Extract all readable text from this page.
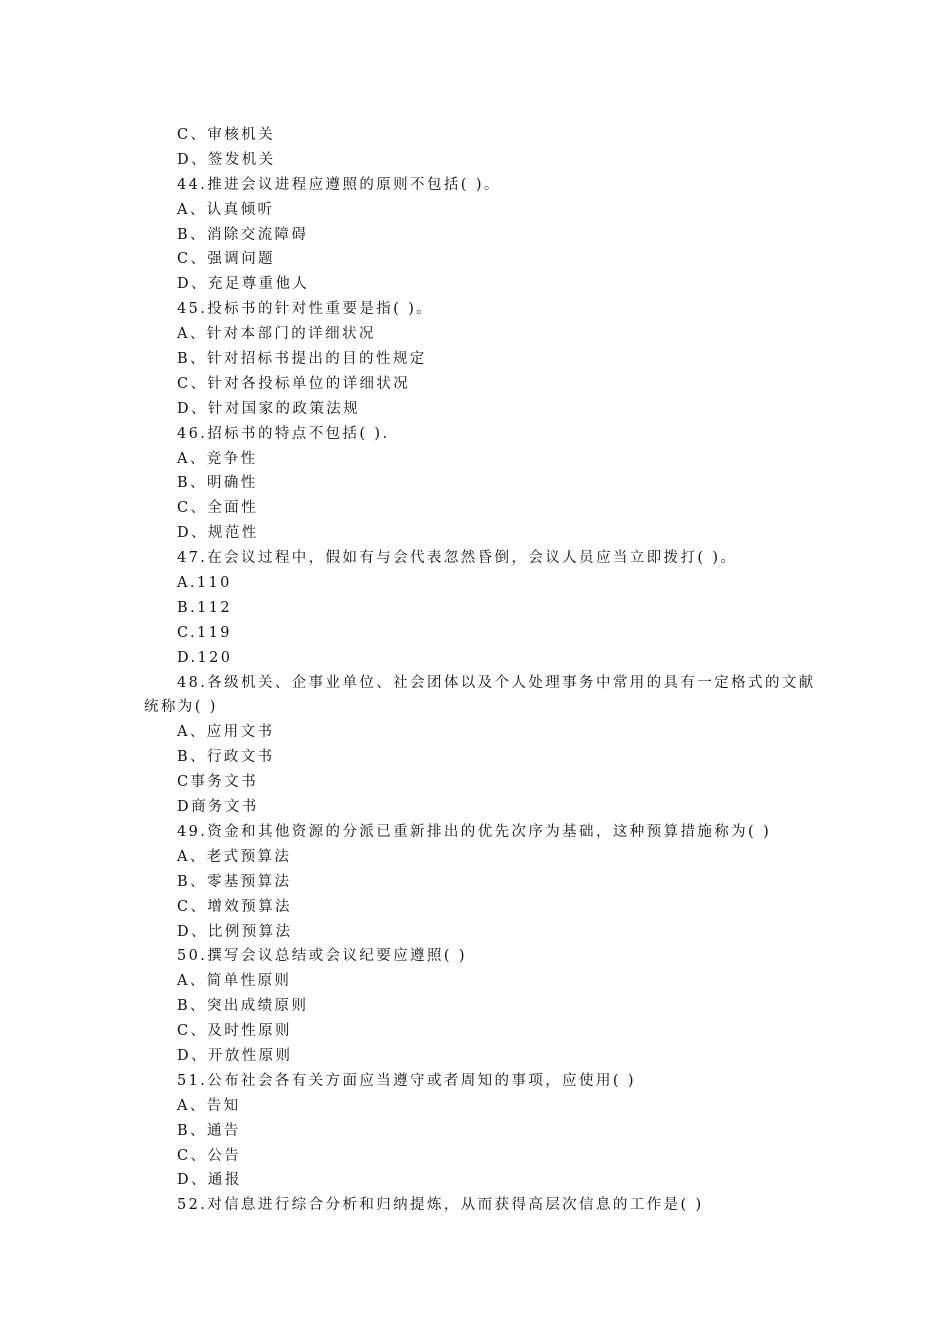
C、审核机关
D、签发机关
44.推进会议进程应遵照的原则不包括( )。
A、认真倾听
B、消除交流障碍
C、强调问题
D、充足尊重他人
45.投标书的针对性重要是指( )。
A、针对本部门的详细状况
B、针对招标书提出的目的性规定
C、针对各投标单位的详细状况
D、针对国家的政策法规
46.招标书的特点不包括( ).
A、竞争性
B、明确性
C、全面性
D、规范性
47.在会议过程中，假如有与会代表忽然昏倒，会议人员应当立即拨打( )。
A.110
B.112
C.119
D.120
48.各级机关、企事业单位、社会团体以及个人处理事务中常用的具有一定格式的文献
统称为( )
A、应用文书
B、行政文书
C事务文书
D商务文书
49.资金和其他资源的分派已重新排出的优先次序为基础，这种预算措施称为( )
A、老式预算法
B、零基预算法
C、增效预算法
D、比例预算法
50.撰写会议总结或会议纪要应遵照( )
A、简单性原则
B、突出成绩原则
C、及时性原则
D、开放性原则
51.公布社会各有关方面应当遵守或者周知的事项，应使用( )
A、告知
B、通告
C、公告
D、通报
52.对信息进行综合分析和归纳提炼，从而获得高层次信息的工作是( )
